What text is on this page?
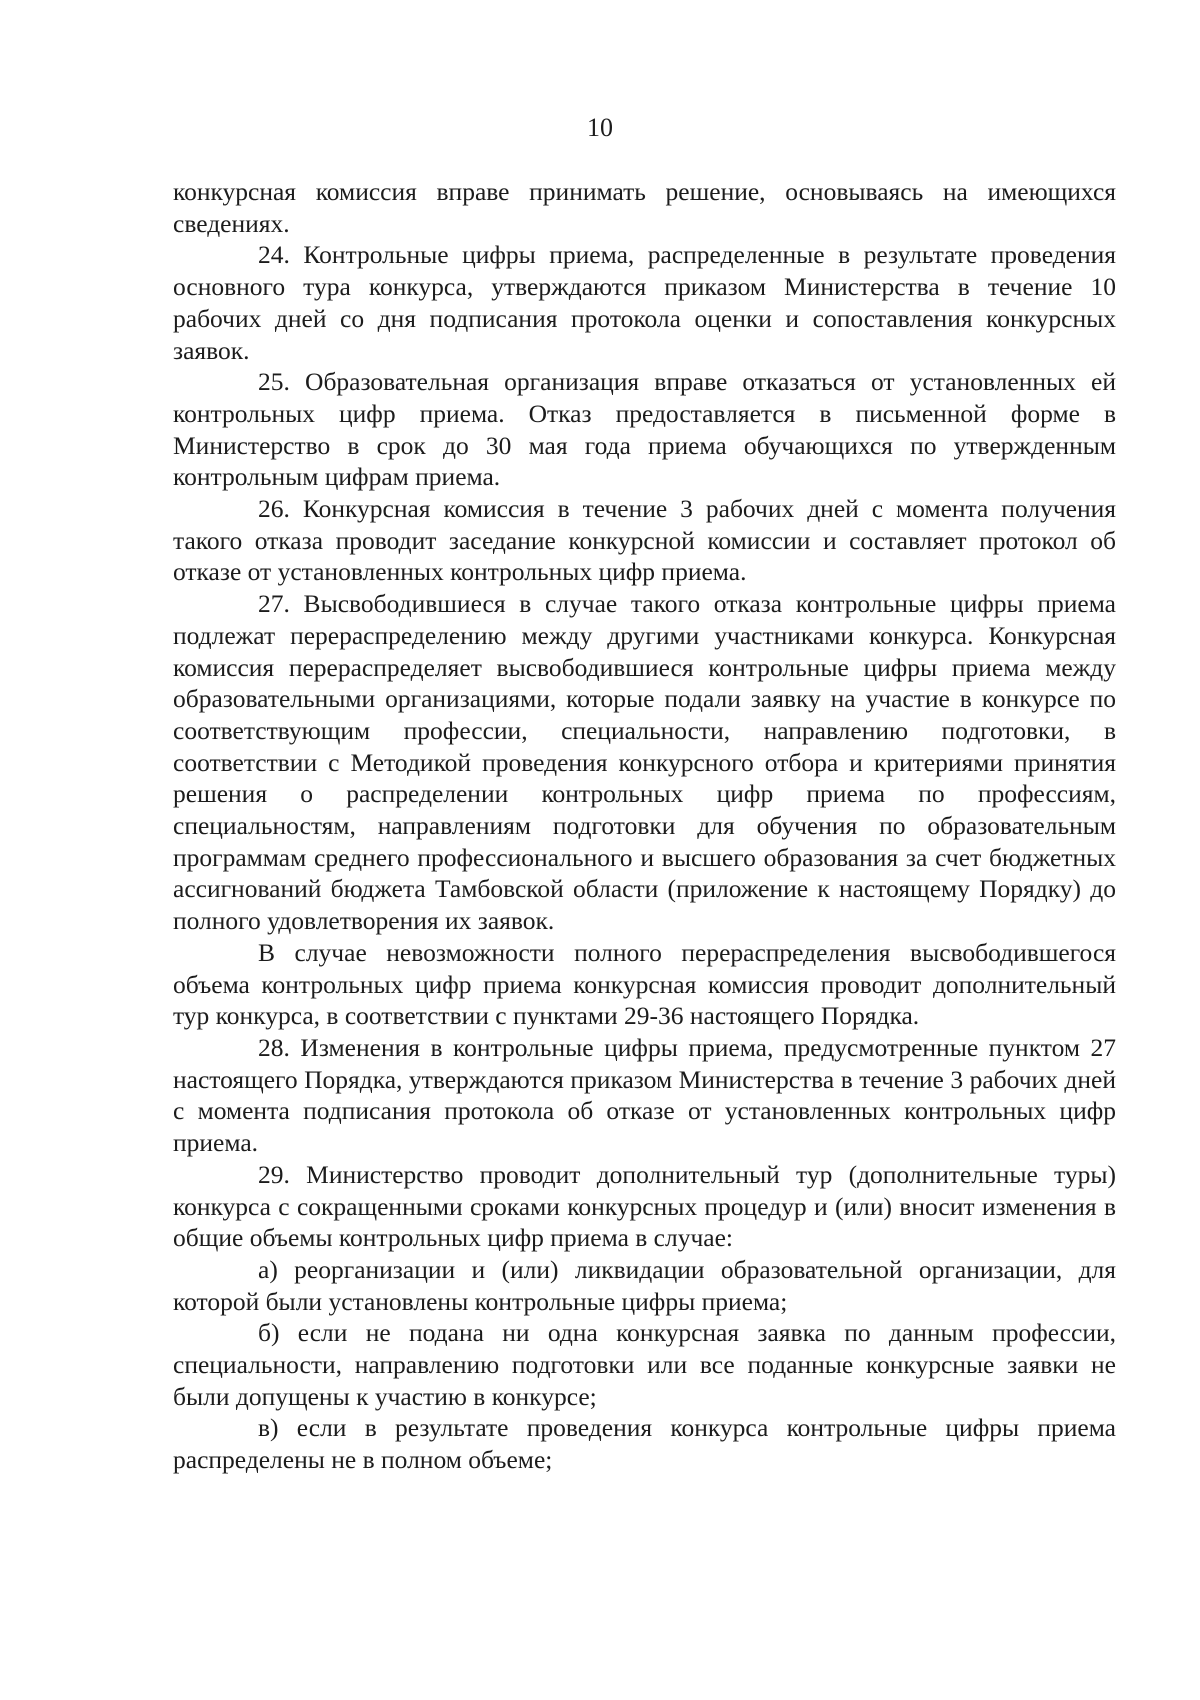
10

конкурсная комиссия вправе принимать решение, основываясь на имеющихся сведениях.

24. Контрольные цифры приема, распределенные в результате проведения основного тура конкурса, утверждаются приказом Министерства в течение 10 рабочих дней со дня подписания протокола оценки и сопоставления конкурсных заявок.

25. Образовательная организация вправе отказаться от установленных ей контрольных цифр приема. Отказ предоставляется в письменной форме в Министерство в срок до 30 мая года приема обучающихся по утвержденным контрольным цифрам приема.

26. Конкурсная комиссия в течение 3 рабочих дней с момента получения такого отказа проводит заседание конкурсной комиссии и составляет протокол об отказе от установленных контрольных цифр приема.

27. Высвободившиеся в случае такого отказа контрольные цифры приема подлежат перераспределению между другими участниками конкурса. Конкурсная комиссия перераспределяет высвободившиеся контрольные цифры приема между образовательными организациями, которые подали заявку на участие в конкурсе по соответствующим профессии, специальности, направлению подготовки, в соответствии с Методикой проведения конкурсного отбора и критериями принятия решения о распределении контрольных цифр приема по профессиям, специальностям, направлениям подготовки для обучения по образовательным программам среднего профессионального и высшего образования за счет бюджетных ассигнований бюджета Тамбовской области (приложение к настоящему Порядку) до полного удовлетворения их заявок.

В случае невозможности полного перераспределения высвободившегося объема контрольных цифр приема конкурсная комиссия проводит дополнительный тур конкурса, в соответствии с пунктами 29-36 настоящего Порядка.

28. Изменения в контрольные цифры приема, предусмотренные пунктом 27 настоящего Порядка, утверждаются приказом Министерства в течение 3 рабочих дней с момента подписания протокола об отказе от установленных контрольных цифр приема.

29. Министерство проводит дополнительный тур (дополнительные туры) конкурса с сокращенными сроками конкурсных процедур и (или) вносит изменения в общие объемы контрольных цифр приема в случае:

а) реорганизации и (или) ликвидации образовательной организации, для которой были установлены контрольные цифры приема;

б) если не подана ни одна конкурсная заявка по данным профессии, специальности, направлению подготовки или все поданные конкурсные заявки не были допущены к участию в конкурсе;

в) если в результате проведения конкурса контрольные цифры приема распределены не в полном объеме;
